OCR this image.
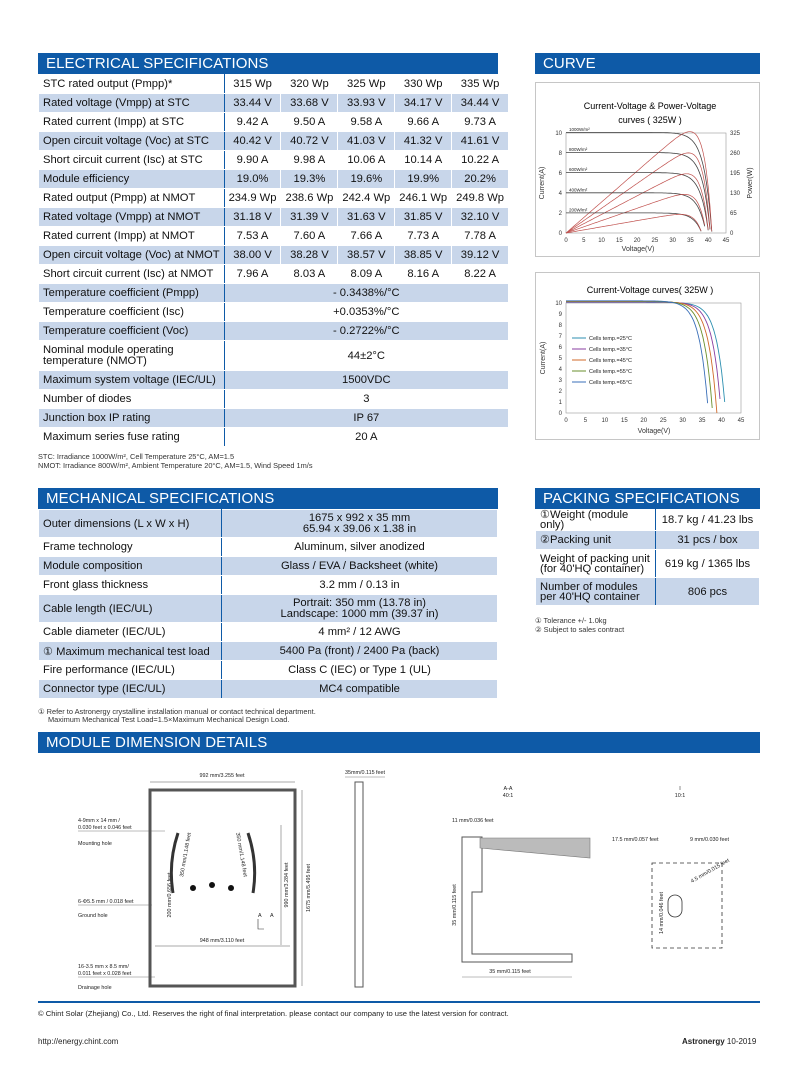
ELECTRICAL SPECIFICATIONS
STC rated output (Pmpp)*	315 Wp	320 Wp	325 Wp	330 Wp	335 Wp
Rated voltage (Vmpp) at STC	33.44 V	33.68 V	33.93 V	34.17 V	34.44 V
Rated current (Impp) at STC	9.42 A	9.50 A	9.58 A	9.66 A	9.73 A
Open circuit voltage (Voc) at STC	40.42 V	40.72 V	41.03 V	41.32 V	41.61 V
Short circuit current (Isc) at STC	9.90 A	9.98 A	10.06 A	10.14 A	10.22 A
Module efficiency	19.0%	19.3%	19.6%	19.9%	20.2%
Rated output (Pmpp) at NMOT	234.9 Wp	238.6 Wp	242.4 Wp	246.1 Wp	249.8 Wp
Rated voltage (Vmpp) at NMOT	31.18 V	31.39 V	31.63 V	31.85 V	32.10 V
Rated current (Impp) at NMOT	7.53 A	7.60 A	7.66 A	7.73 A	7.78 A
Open circuit voltage (Voc) at NMOT	38.00 V	38.28 V	38.57 V	38.85 V	39.12 V
Short circuit current (Isc) at NMOT	7.96 A	8.03 A	8.09 A	8.16 A	8.22 A
Temperature coefficient (Pmpp)	- 0.3438%/°C				
Temperature coefficient (Isc)	+0.0353%/°C				
Temperature coefficient (Voc)	- 0.2722%/°C				
Nominal module operating temperature (NMOT)	44±2°C				
Maximum system voltage (IEC/UL)	1500VDC				
Number of diodes	3				
Junction box IP rating	IP 67				
Maximum series fuse rating	20 A				
STC: Irradiance 1000W/m², Cell Temperature 25°C, AM=1.5
NMOT: Irradiance 800W/m², Ambient Temperature 20°C, AM=1.5, Wind Speed 1m/s
CURVE
Current-Voltage & Power-Voltage
curves ( 325W )
Current(A)	Power(W)
Voltage(V)
0 5 10 15 20 25 30 35 40 45
0
2
4
6
8
10
0
65
130
195
260
325
1000W/m²
800W/m²
600W/m²
400W/m²
200W/m²
Current-Voltage curves( 325W )
Current(A)
Voltage(V)
0	5 10 15 20 25 30 35 40 45
0
1
2
3
4
5
6
7
8
9
10
Cells temp.=25°C
Cells temp.=35°C
Cells temp.=45°C
Cells temp.=55°C
Cells temp.=65°C
MECHANICAL SPECIFICATIONS
Outer dimensions (L x W x H)	1675 x 992 x 35 mm
65.94 x 39.06 x 1.38 in

Frame technology	Aluminum, silver anodized

Module composition	Glass / EVA / Backsheet (white)

Front glass thickness	3.2 mm / 0.13 in

Cable length (IEC/UL)	Portrait: 350 mm (13.78 in)
Landscape: 1000 mm (39.37 in)

Cable diameter (IEC/UL)	4 mm² / 12 AWG

① Maximum mechanical test load	5400 Pa (front) / 2400 Pa (back)

Fire performance (IEC/UL)	Class C (IEC) or Type 1 (UL)

Connector type (IEC/UL)	MC4 compatible
① Refer to Astronergy crystalline installation manual or contact technical department.
Maximum Mechanical Test Load=1.5×Maximum Mechanical Design Load.
PACKING SPECIFICATIONS
①Weight (module only)	18.7 kg / 41.23 lbs
②Packing unit	31 pcs / box
Weight of packing unit (for 40'HQ container)	619 kg / 1365 lbs
Number of modules per 40'HQ container	806 pcs
① Tolerance +/- 1.0kg
② Subject to sales contract
MODULE DIMENSION DETAILS
992 mm/3.255 feet
948 mm/3.110 feet
1675 mm/5.495 feet
990 mm/3.284 feet
200 mm/0.656 feet
350 mm/1.148 feet	350 mm/1.148 feet
A A
4-9mm x 14 mm /
0.030 feet x 0.046 feet
Mounting hole
6-Φ5.5 mm / 0.018 feet
Ground hole
16-3.5 mm x 8.5 mm/
0.011 feet x 0.028 feet
Drainage hole
35mm/0.115 feet
A-A
40:1
11 mm/0.036 feet
35 mm/0.115 feet
35 mm/0.115 feet
I
10:1
17.5 mm/0.057 feet	9 mm/0.030 feet
14 mm/0.046 feet
4.5 mm/0.015 feet
© Chint Solar (Zhejiang) Co., Ltd. Reserves the right of final interpretation. please contact our company to use the latest version for contract.
http://energy.chint.com	Astronergy 10-2019
